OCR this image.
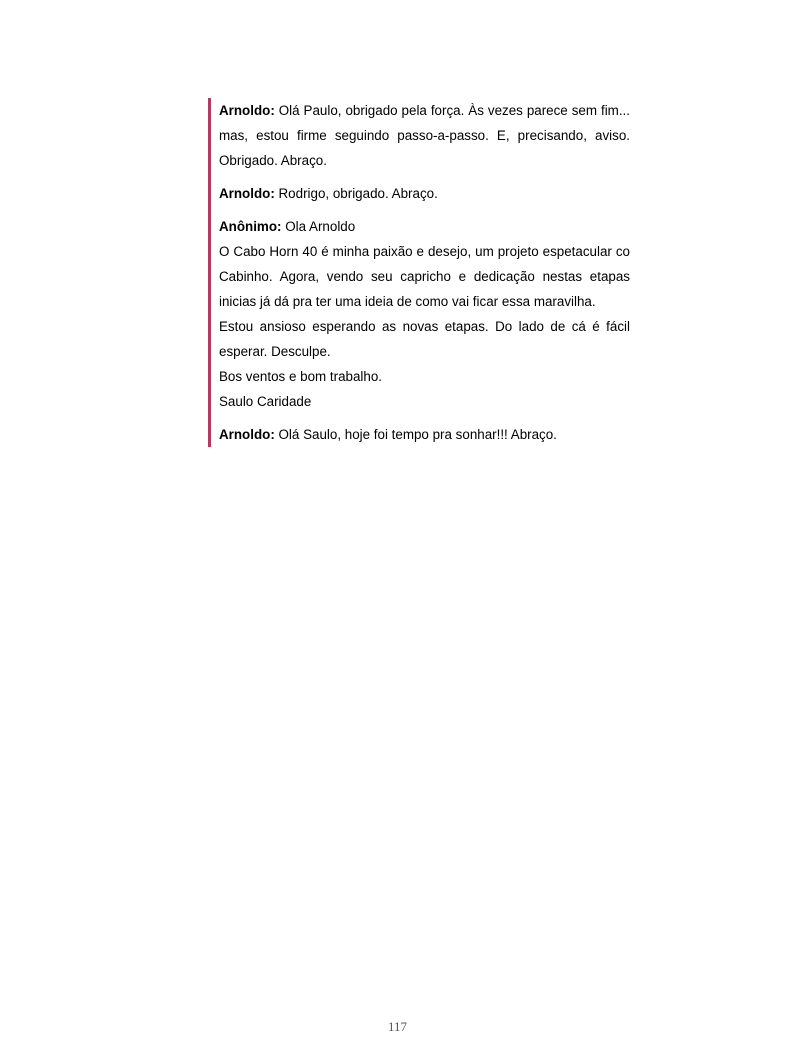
Arnoldo: Olá Paulo, obrigado pela força. Às vezes parece sem fim... mas, estou firme seguindo passo-a-passo. E, precisando, aviso. Obrigado. Abraço.
Arnoldo: Rodrigo, obrigado. Abraço.
Anônimo: Ola Arnoldo
O Cabo Horn 40 é minha paixão e desejo, um projeto espetacular co Cabinho. Agora, vendo seu capricho e dedicação nestas etapas inicias já dá pra ter uma ideia de como vai ficar essa maravilha.
Estou ansioso esperando as novas etapas. Do lado de cá é fácil esperar. Desculpe.
Bos ventos e bom trabalho.
Saulo Caridade
Arnoldo: Olá Saulo, hoje foi tempo pra sonhar!!! Abraço.
117
